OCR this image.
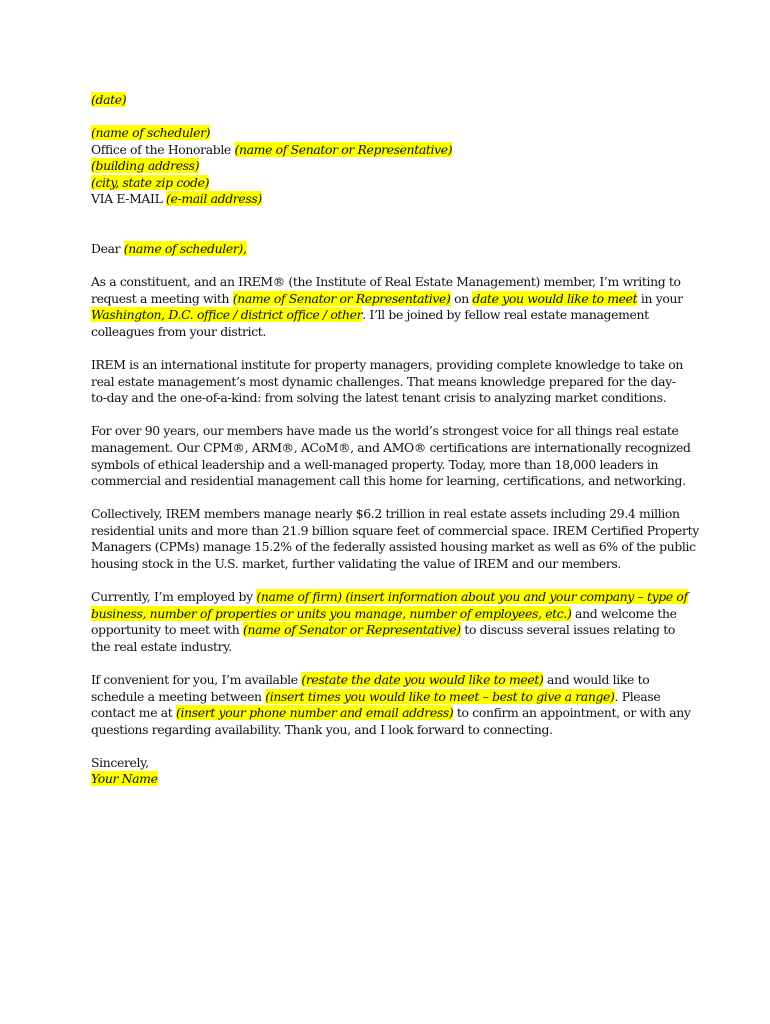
(date)
(name of scheduler)
Office of the Honorable (name of Senator or Representative)
(building address)
(city, state zip code)
VIA E-MAIL (e-mail address)

Dear (name of scheduler),

As a constituent, and an IREM® (the Institute of Real Estate Management) member, I’m writing to
request a meeting with (name of Senator or Representative) on date you would like to meet in your
Washington, D.C. office / district office / other. I’ll be joined by fellow real estate management
colleagues from your district.

IREM is an international institute for property managers, providing complete knowledge to take on
real estate management’s most dynamic challenges. That means knowledge prepared for the day-
to-day and the one-of-a-kind: from solving the latest tenant crisis to analyzing market conditions.

For over 90 years, our members have made us the world’s strongest voice for all things real estate
management. Our CPM®, ARM®, ACoM®, and AMO® certifications are internationally recognized
symbols of ethical leadership and a well-managed property. Today, more than 18,000 leaders in
commercial and residential management call this home for learning, certifications, and networking.

Collectively, IREM members manage nearly $6.2 trillion in real estate assets including 29.4 million
residential units and more than 21.9 billion square feet of commercial space. IREM Certified Property
Managers (CPMs) manage 15.2% of the federally assisted housing market as well as 6% of the public
housing stock in the U.S. market, further validating the value of IREM and our members.

Currently, I’m employed by (name of firm) (insert information about you and your company – type of
business, number of properties or units you manage, number of employees, etc.) and welcome the
opportunity to meet with (name of Senator or Representative) to discuss several issues relating to
the real estate industry.

If convenient for you, I’m available (restate the date you would like to meet) and would like to
schedule a meeting between (insert times you would like to meet – best to give a range). Please
contact me at (insert your phone number and email address) to confirm an appointment, or with any
questions regarding availability. Thank you, and I look forward to connecting.

Sincerely,
Your Name
